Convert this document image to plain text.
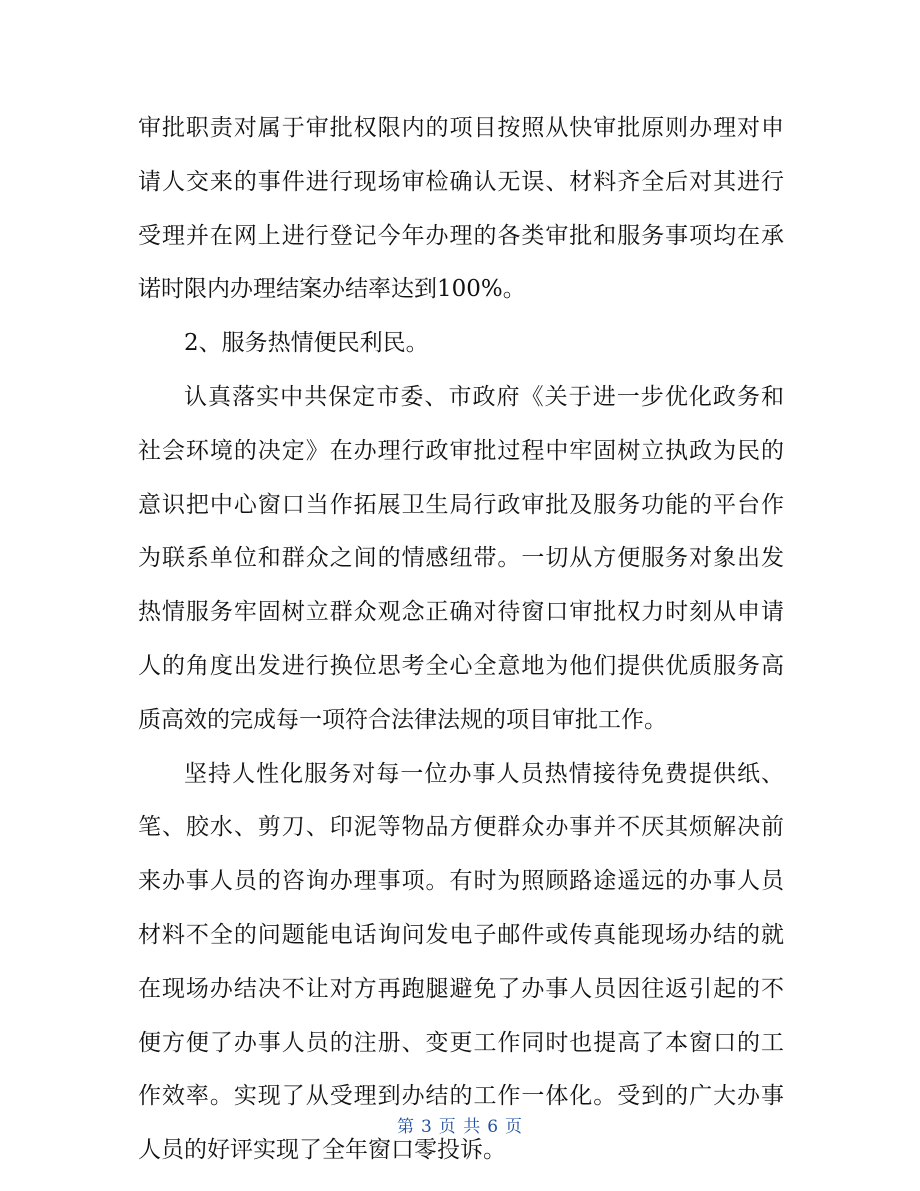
审批职责对属于审批权限内的项目按照从快审批原则办理对申
请人交来的事件进行现场审检确认无误、材料齐全后对其进行
受理并在网上进行登记今年办理的各类审批和服务事项均在承
诺时限内办理结案办结率达到100%。
2、服务热情便民利民。
认真落实中共保定市委、市政府《关于进一步优化政务和
社会环境的决定》在办理行政审批过程中牢固树立执政为民的
意识把中心窗口当作拓展卫生局行政审批及服务功能的平台作
为联系单位和群众之间的情感纽带。一切从方便服务对象出发
热情服务牢固树立群众观念正确对待窗口审批权力时刻从申请
人的角度出发进行换位思考全心全意地为他们提供优质服务高
质高效的完成每一项符合法律法规的项目审批工作。
坚持人性化服务对每一位办事人员热情接待免费提供纸、
笔、胶水、剪刀、印泥等物品方便群众办事并不厌其烦解决前
来办事人员的咨询办理事项。有时为照顾路途遥远的办事人员
材料不全的问题能电话询问发电子邮件或传真能现场办结的就
在现场办结决不让对方再跑腿避免了办事人员因往返引起的不
便方便了办事人员的注册、变更工作同时也提高了本窗口的工
作效率。实现了从受理到办结的工作一体化。受到的广大办事
人员的好评实现了全年窗口零投诉。
第 3 页 共 6 页
